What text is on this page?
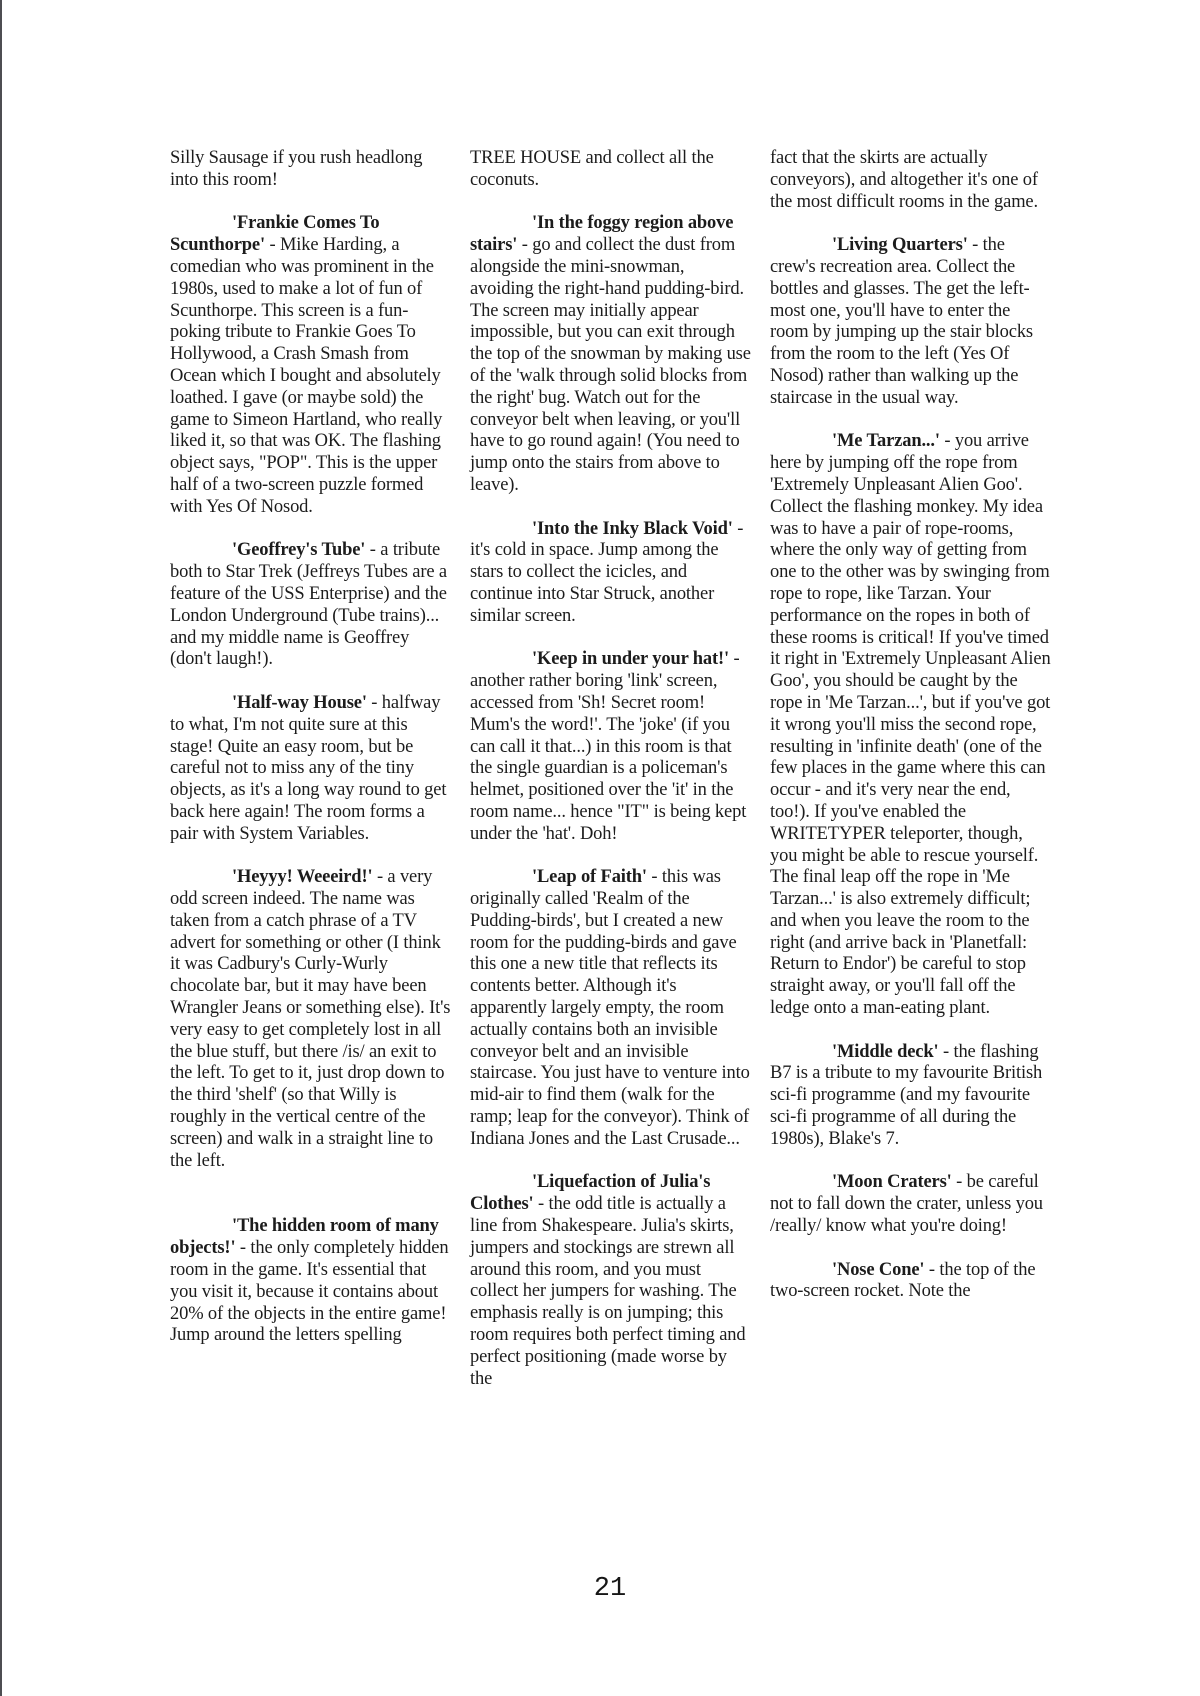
Silly Sausage if you rush headlong into this room!

'Frankie Comes To Scunthorpe' - Mike Harding, a comedian who was prominent in the 1980s, used to make a lot of fun of Scunthorpe. This screen is a fun-poking tribute to Frankie Goes To Hollywood, a Crash Smash from Ocean which I bought and absolutely loathed. I gave (or maybe sold) the game to Simeon Hartland, who really liked it, so that was OK. The flashing object says, "POP". This is the upper half of a two-screen puzzle formed with Yes Of Nosod.

'Geoffrey's Tube' - a tribute both to Star Trek (Jeffreys Tubes are a feature of the USS Enterprise) and the London Underground (Tube trains)... and my middle name is Geoffrey (don't laugh!).

'Half-way House' - halfway to what, I'm not quite sure at this stage! Quite an easy room, but be careful not to miss any of the tiny objects, as it's a long way round to get back here again! The room forms a pair with System Variables.

'Heyyy! Weeeird!' - a very odd screen indeed. The name was taken from a catch phrase of a TV advert for something or other (I think it was Cadbury's Curly-Wurly chocolate bar, but it may have been Wrangler Jeans or something else). It's very easy to get completely lost in all the blue stuff, but there /is/ an exit to the left. To get to it, just drop down to the third 'shelf' (so that Willy is roughly in the vertical centre of the screen) and walk in a straight line to the left.

'The hidden room of many objects!' - the only completely hidden room in the game. It's essential that you visit it, because it contains about 20% of the objects in the entire game! Jump around the letters spelling

TREE HOUSE and collect all the coconuts.

'In the foggy region above stairs' - go and collect the dust from alongside the mini-snowman, avoiding the right-hand pudding-bird. The screen may initially appear impossible, but you can exit through the top of the snowman by making use of the 'walk through solid blocks from the right' bug. Watch out for the conveyor belt when leaving, or you'll have to go round again! (You need to jump onto the stairs from above to leave).

'Into the Inky Black Void' - it's cold in space. Jump among the stars to collect the icicles, and continue into Star Struck, another similar screen.

'Keep in under your hat!' - another rather boring 'link' screen, accessed from 'Sh! Secret room! Mum's the word!'. The 'joke' (if you can call it that...) in this room is that the single guardian is a policeman's helmet, positioned over the 'it' in the room name... hence "IT" is being kept under the 'hat'. Doh!

'Leap of Faith' - this was originally called 'Realm of the Pudding-birds', but I created a new room for the pudding-birds and gave this one a new title that reflects its contents better. Although it's apparently largely empty, the room actually contains both an invisible conveyor belt and an invisible staircase. You just have to venture into mid-air to find them (walk for the ramp; leap for the conveyor). Think of Indiana Jones and the Last Crusade...

'Liquefaction of Julia's Clothes' - the odd title is actually a line from Shakespeare. Julia's skirts, jumpers and stockings are strewn all around this room, and you must collect her jumpers for washing. The emphasis really is on jumping; this room requires both perfect timing and perfect positioning (made worse by the

fact that the skirts are actually conveyors), and altogether it's one of the most difficult rooms in the game.

'Living Quarters' - the crew's recreation area. Collect the bottles and glasses. The get the left-most one, you'll have to enter the room by jumping up the stair blocks from the room to the left (Yes Of Nosod) rather than walking up the staircase in the usual way.

'Me Tarzan...' - you arrive here by jumping off the rope from 'Extremely Unpleasant Alien Goo'. Collect the flashing monkey. My idea was to have a pair of rope-rooms, where the only way of getting from one to the other was by swinging from rope to rope, like Tarzan. Your performance on the ropes in both of these rooms is critical! If you've timed it right in 'Extremely Unpleasant Alien Goo', you should be caught by the rope in 'Me Tarzan...', but if you've got it wrong you'll miss the second rope, resulting in 'infinite death' (one of the few places in the game where this can occur - and it's very near the end, too!). If you've enabled the WRITETYPER teleporter, though, you might be able to rescue yourself. The final leap off the rope in 'Me Tarzan...' is also extremely difficult; and when you leave the room to the right (and arrive back in 'Planetfall: Return to Endor') be careful to stop straight away, or you'll fall off the ledge onto a man-eating plant.

'Middle deck' - the flashing B7 is a tribute to my favourite British sci-fi programme (and my favourite sci-fi programme of all during the 1980s), Blake's 7.

'Moon Craters' - be careful not to fall down the crater, unless you /really/ know what you're doing!

'Nose Cone' - the top of the two-screen rocket. Note the

21
